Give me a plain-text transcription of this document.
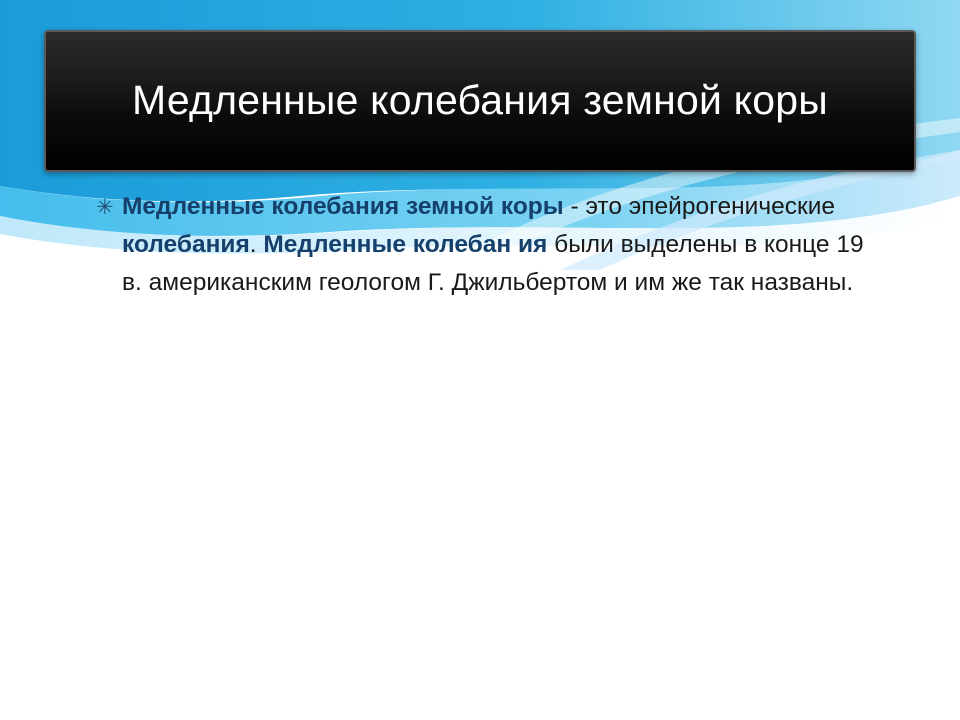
Медленные колебания земной коры
✳ Медленные колебания земной коры - это эпейрогенические колебания. Медленные колебан ия были выделены в конце 19 в. американским геологом Г. Джильбертом и им же так названы.
